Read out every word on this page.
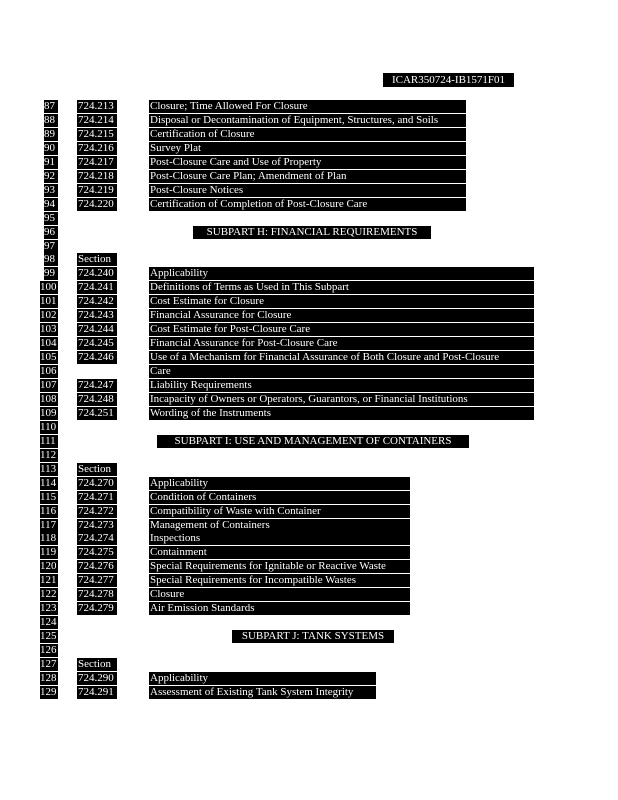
ICAR350724-IB1571F01
87 724.213	Closure; Time Allowed For Closure
88 724.214	Disposal or Decontamination of Equipment, Structures, and Soils
89 724.215	Certification of Closure
90 724.216	Survey Plat
91 724.217	Post-Closure Care and Use of Property
92 724.218	Post-Closure Care Plan; Amendment of Plan
93 724.219	Post-Closure Notices
94 724.220	Certification of Completion of Post-Closure Care
95
96	SUBPART H: FINANCIAL REQUIREMENTS
97
98 Section
99 724.240	Applicability
100 724.241	Definitions of Terms as Used in This Subpart
101 724.242	Cost Estimate for Closure
102 724.243	Financial Assurance for Closure
103 724.244	Cost Estimate for Post-Closure Care
104 724.245	Financial Assurance for Post-Closure Care
105 724.246	Use of a Mechanism for Financial Assurance of Both Closure and Post-Closure
106	Care
107 724.247	Liability Requirements
108 724.248	Incapacity of Owners or Operators, Guarantors, or Financial Institutions
109 724.251	Wording of the Instruments
110
111	SUBPART I: USE AND MANAGEMENT OF CONTAINERS
112
113 Section
114 724.270	Applicability
115 724.271	Condition of Containers
116 724.272	Compatibility of Waste with Container
117 724.273	Management of Containers
118 724.274	Inspections
119 724.275	Containment
120 724.276	Special Requirements for Ignitable or Reactive Waste
121 724.277	Special Requirements for Incompatible Wastes
122 724.278	Closure
123 724.279	Air Emission Standards
124
125	SUBPART J: TANK SYSTEMS
126
127 Section
128 724.290	Applicability
129 724.291	Assessment of Existing Tank System Integrity
